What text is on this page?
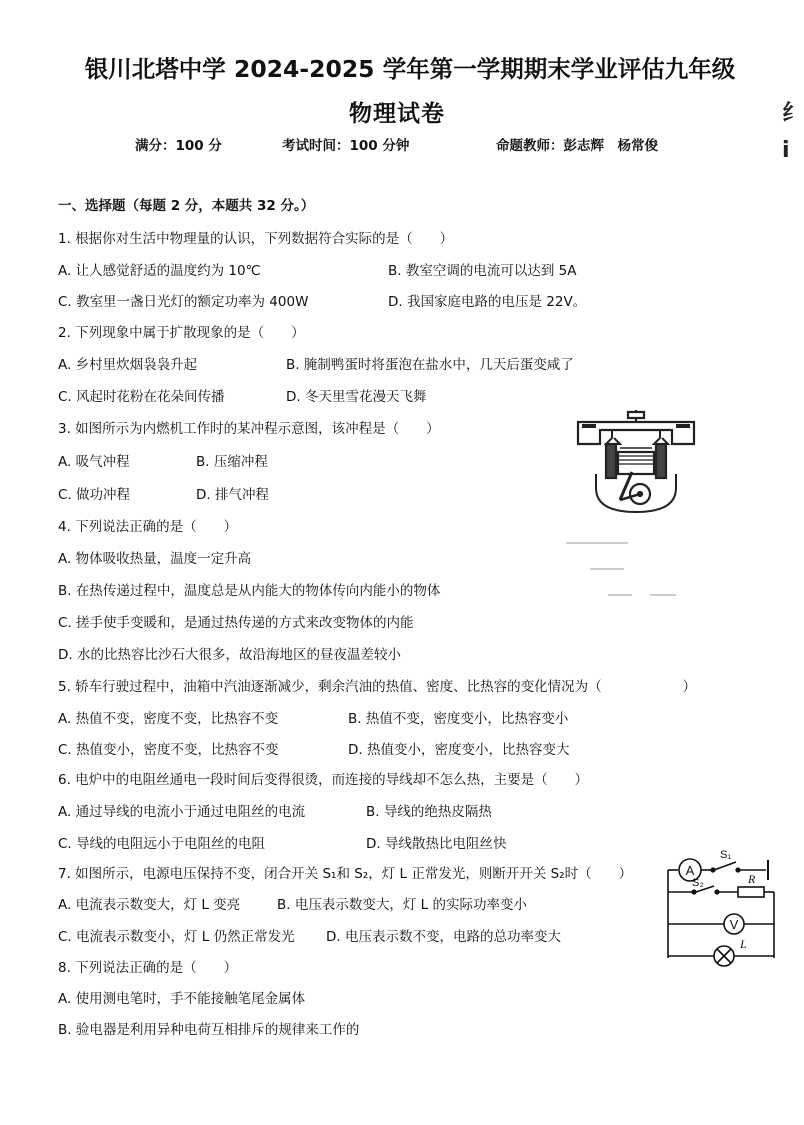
银川北塔中学 2024-2025 学年第一学期期末学业评估九年级
物理试卷
满分：100 分	考试时间：100 分钟	命题教师：彭志辉　杨常俊
纟
i
一、选择题（每题 2 分，本题共 32 分。）
1. 根据你对生活中物理量的认识，下列数据符合实际的是（　　）
A. 让人感觉舒适的温度约为 10℃	B. 教室空调的电流可以达到 5A
C. 教室里一盏日光灯的额定功率为 400W	D. 我国家庭电路的电压是 22V。
2. 下列现象中属于扩散现象的是（　　）
A. 乡村里炊烟袅袅升起	B. 腌制鸭蛋时将蛋泡在盐水中，几天后蛋变咸了
C. 风起时花粉在花朵间传播	D. 冬天里雪花漫天飞舞
3. 如图所示为内燃机工作时的某冲程示意图，该冲程是（　　）
A. 吸气冲程	B. 压缩冲程
C. 做功冲程	D. 排气冲程
4. 下列说法正确的是（　　）
A. 物体吸收热量，温度一定升高
B. 在热传递过程中，温度总是从内能大的物体传向内能小的物体
C. 搓手使手变暖和，是通过热传递的方式来改变物体的内能
D. 水的比热容比沙石大很多，故沿海地区的昼夜温差较小
5. 轿车行驶过程中，油箱中汽油逐渐减少，剩余汽油的热值、密度、比热容的变化情况为（　　　　　　）
A. 热值不变，密度不变，比热容不变	B. 热值不变，密度变小，比热容变小
C. 热值变小，密度不变，比热容不变	D. 热值变小，密度变小，比热容变大
6. 电炉中的电阻丝通电一段时间后变得很烫，而连接的导线却不怎么热，主要是（　　）
A. 通过导线的电流小于通过电阻丝的电流	B. 导线的绝热皮隔热
C. 导线的电阻远小于电阻丝的电阻	D. 导线散热比电阻丝快
7. 如图所示，电源电压保持不变，闭合开关 S₁和 S₂，灯 L 正常发光，则断开开关 S₂时（　　）
A. 电流表示数变大，灯 L 变亮	B. 电压表示数变大，灯 L 的实际功率变小
C. 电流表示数变小，灯 L 仍然正常发光 D. 电压表示数不变，电路的总功率变大
8. 下列说法正确的是（　　）
A. 使用测电笔时，手不能接触笔尾金属体
B. 验电器是利用异种电荷互相排斥的规律来工作的
A
V
S₁
S₂	R
L
